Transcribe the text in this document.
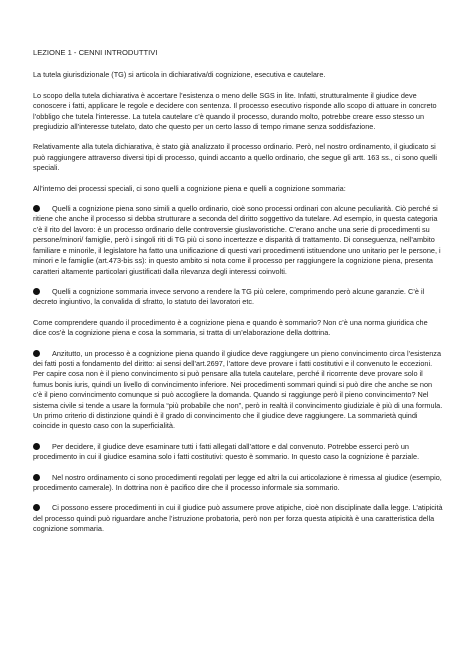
LEZIONE 1 - CENNI INTRODUTTIVI

La tutela giurisdizionale (TG) si articola in dichiarativa/di cognizione, esecutiva e cautelare.

Lo scopo della tutela dichiarativa è accertare l’esistenza o meno delle SGS in lite. Infatti, strutturalmente il giudice deve conoscere i fatti, applicare le regole e decidere con sentenza. Il processo esecutivo risponde allo scopo di attuare in concreto l’obbligo che tutela l’interesse. La tutela cautelare c’è quando il processo, durando molto, potrebbe creare esso stesso un pregiudizio all’interesse tutelato, dato che questo per un certo lasso di tempo rimane senza soddisfazione.

Relativamente alla tutela dichiarativa, è stato già analizzato il processo ordinario. Però, nel nostro ordinamento, il giudicato si può raggiungere attraverso diversi tipi di processo, quindi accanto a quello ordinario, che segue gli artt. 163 ss., ci sono quelli speciali.

All’interno dei processi speciali, ci sono quelli a cognizione piena e quelli a cognizione sommaria:

Quelli a cognizione piena sono simili a quello ordinario, cioè sono processi ordinari con alcune peculiarità. Ciò perché si ritiene che anche il processo si debba strutturare a seconda del diritto soggettivo da tutelare. Ad esempio, in questa categoria c’è il rito del lavoro: è un processo ordinario delle controversie giuslavoristiche. C’erano anche una serie di procedimenti su persone/minori/ famiglie, però i singoli riti di TG più ci sono incertezze e disparità di trattamento. Di conseguenza, nell’ambito familiare e minorile, il legislatore ha fatto una unificazione di questi vari procedimenti istituendone uno unitario per le persone, i minori e le famiglie (art.473-bis ss): in questo ambito si nota come il processo per raggiungere la cognizione piena, presenta caratteri altamente particolari giustificati dalla rilevanza degli interessi coinvolti.

Quelli a cognizione sommaria invece servono a rendere la TG più celere, comprimendo però alcune garanzie. C’è il decreto ingiuntivo, la convalida di sfratto, lo statuto dei lavoratori etc.

Come comprendere quando il procedimento è a cognizione piena e quando è sommario? Non c’è una norma giuridica che dice cos’è la cognizione piena e cosa la sommaria, si tratta di un’elaborazione della dottrina.

Anzitutto, un processo è a cognizione piena quando il giudice deve raggiungere un pieno convincimento circa l’esistenza dei fatti posti a fondamento del diritto: ai sensi dell’art.2697, l’attore deve provare i fatti costitutivi e il convenuto le eccezioni. Per capire cosa non è il pieno convincimento si può pensare alla tutela cautelare, perché il ricorrente deve provare solo il fumus bonis iuris, quindi un livello di convincimento inferiore. Nei procedimenti sommari quindi si può dire che anche se non c’è il pieno convincimento comunque si può accogliere la domanda. Quando si raggiunge però il pieno convincimento? Nel sistema civile si tende a usare la formula “più probabile che non”, però in realtà il convincimento giudiziale è più di una formula. Un primo criterio di distinzione quindi è il grado di convincimento che il giudice deve raggiungere. La sommarietà quindi coincide in questo caso con la superficialità.

Per decidere, il giudice deve esaminare tutti i fatti allegati dall’attore e dal convenuto. Potrebbe esserci però un procedimento in cui il giudice esamina solo i fatti costitutivi: questo è sommario. In questo caso la cognizione è parziale.

Nel nostro ordinamento ci sono procedimenti regolati per legge ed altri la cui articolazione è rimessa al giudice (esempio, procedimento camerale). In dottrina non è pacifico dire che il processo informale sia sommario.

Ci possono essere procedimenti in cui il giudice può assumere prove atipiche, cioè non disciplinate dalla legge. L’atipicità del processo quindi può riguardare anche l’istruzione probatoria, però non per forza questa atipicità è una caratteristica della cognizione sommaria.
